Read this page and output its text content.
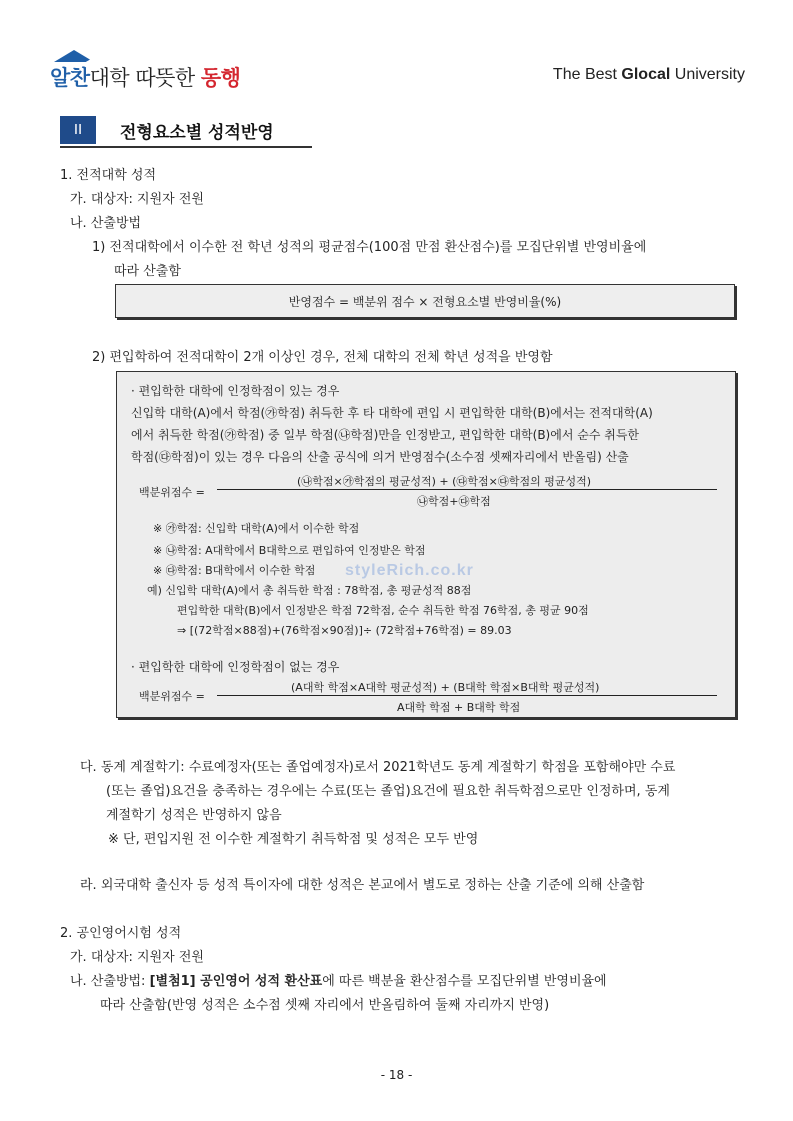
알찬대학 따뜻한 동행	The Best Glocal University
II	전형요소별 성적반영
1. 전적대학 성적
가. 대상자: 지원자 전원
나. 산출방법
1) 전적대학에서 이수한 전 학년 성적의 평균점수(100점 만점 환산점수)를 모집단위별 반영비율에
따라 산출함
반영점수 = 백분위 점수 × 전형요소별 반영비율(%)
2) 편입학하여 전적대학이 2개 이상인 경우, 전체 대학의 전체 학년 성적을 반영함
· 편입학한 대학에 인정학점이 있는 경우
신입학 대학(A)에서 학점(㉮학점) 취득한 후 타 대학에 편입 시 편입학한 대학(B)에서는 전적대학(A)
에서 취득한 학점(㉮학점) 중 일부 학점(㉯학점)만을 인정받고, 편입학한 대학(B)에서 순수 취득한
학점(㉰학점)이 있는 경우 다음의 산출 공식에 의거 반영점수(소수점 셋째자리에서 반올림) 산출
백분위점수 =
(㉯학점×㉮학점의 평균성적) + (㉰학점×㉰학점의 평균성적)
㉯학점+㉰학점
※ ㉮학점: 신입학 대학(A)에서 이수한 학점
※ ㉯학점: A대학에서 B대학으로 편입하여 인정받은 학점
※ ㉰학점: B대학에서 이수한 학점
예) 신입학 대학(A)에서 총 취득한 학점 : 78학점, 총 평균성적 88점
편입학한 대학(B)에서 인정받은 학점 72학점, 순수 취득한 학점 76학점, 총 평균 90점
⇒ [(72학점×88점)+(76학점×90점)]÷ (72학점+76학점) = 89.03
· 편입학한 대학에 인정학점이 없는 경우
백분위점수 =
(A대학 학점×A대학 평균성적) + (B대학 학점×B대학 평균성적)
A대학 학점 + B대학 학점
styleRich.co.kr
다. 동계 계절학기: 수료예정자(또는 졸업예정자)로서 2021학년도 동계 계절학기 학점을 포함해야만 수료
(또는 졸업)요건을 충족하는 경우에는 수료(또는 졸업)요건에 필요한 취득학점으로만 인정하며, 동계
계절학기 성적은 반영하지 않음
※ 단, 편입지원 전 이수한 계절학기 취득학점 및 성적은 모두 반영
라. 외국대학 출신자 등 성적 특이자에 대한 성적은 본교에서 별도로 정하는 산출 기준에 의해 산출함
2. 공인영어시험 성적
가. 대상자: 지원자 전원
나. 산출방법: [별첨1] 공인영어 성적 환산표에 따른 백분율 환산점수를 모집단위별 반영비율에
따라 산출함(반영 성적은 소수점 셋째 자리에서 반올림하여 둘째 자리까지 반영)
- 18 -
